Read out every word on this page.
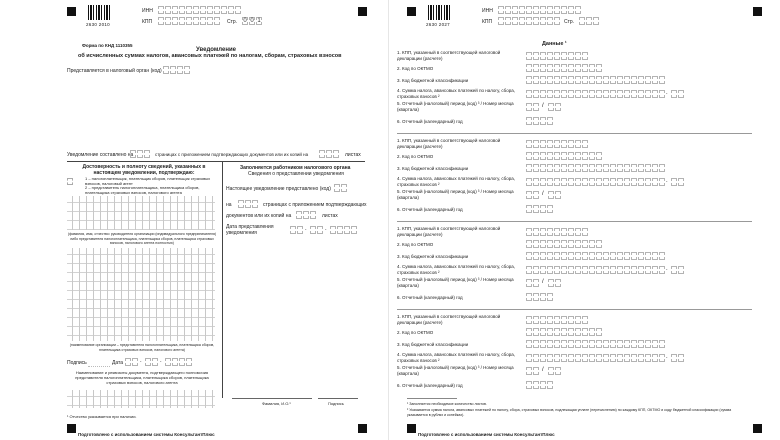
2630 2010
ИНН
КПП	Стр. 0 0 1
Форма по КНД 1110355
Уведомление
об исчисленных суммах налогов, авансовых платежей по налогам, сборам, страховых взносов
Представляется в налоговый орган (код)
Уведомление составлено на	страницах с приложением подтверждающих документов или их копий на	листах
Достоверность и полноту сведений, указанных в настоящем уведомлении, подтверждаю:
1 – налогоплательщик, плательщик сборов, плательщик страховых взносов, налоговый агент
2 – представитель налогоплательщика, плательщика сборов, плательщика страховых взносов, налогового агента
(фамилия, имя, отчество¹ руководителя организации (индивидуального предпринимателя) либо представителя налогоплательщика, плательщика сборов, плательщика страховых взносов, налогового агента полностью)
(наименование организации – представителя налогоплательщика, плательщика сборов, плательщика страховых взносов, налогового агента)
Подпись	Дата	.	.
Наименование и реквизиты документа, подтверждающего полномочия представителя налогоплательщика, плательщика сборов, плательщика страховых взносов, налогового агента
¹ Отчество указывается при наличии.
Заполняется работником налогового органа
Сведения о представлении уведомления
Настоящее уведомление представлено (код)
на	страницах с приложением подтверждающих
документов или их копий на	листах
Дата представления уведомления
.	.
Фамилия, И.О.¹	Подпись
Подготовлено с использованием системы КонсультантПлюс
2630 2027
ИНН
КПП	Стр.
Данные ¹
1. КПП, указанный в соответствующей налоговой декларации (расчете)
2. Код по ОКТМО
3. Код бюджетной классификации
4. Сумма налога, авансовых платежей по налогу, сбора, страховых взносов ²
.
5. Отчетный (налоговый) период (код) ³ / Номер месяца (квартала)
/
6. Отчетный (календарный) год
1. КПП, указанный в соответствующей налоговой декларации (расчете)
2. Код по ОКТМО
3. Код бюджетной классификации
4. Сумма налога, авансовых платежей по налогу, сбора, страховых взносов ²
.
5. Отчетный (налоговый) период (код) ³ / Номер месяца (квартала)
/
6. Отчетный (календарный) год
1. КПП, указанный в соответствующей налоговой декларации (расчете)
2. Код по ОКТМО
3. Код бюджетной классификации
4. Сумма налога, авансовых платежей по налогу, сбора, страховых взносов ²
.
5. Отчетный (налоговый) период (код) ³ / Номер месяца (квартала)
/
6. Отчетный (календарный) год
1. КПП, указанный в соответствующей налоговой декларации (расчете)
2. Код по ОКТМО
3. Код бюджетной классификации
4. Сумма налога, авансовых платежей по налогу, сбора, страховых взносов ²
.
5. Отчетный (налоговый) период (код) ³ / Номер месяца (квартала)
/
6. Отчетный (календарный) год
¹ Заполняется необходимое количество листов.
² Указывается сумма налога, авансовых платежей по налогу, сбора, страховых взносов, подлежащая уплате (перечислению) по каждому КПП, ОКТМО и коду бюджетной классификации (сумма указывается в рублях и копейках).
Подготовлено с использованием системы КонсультантПлюс
